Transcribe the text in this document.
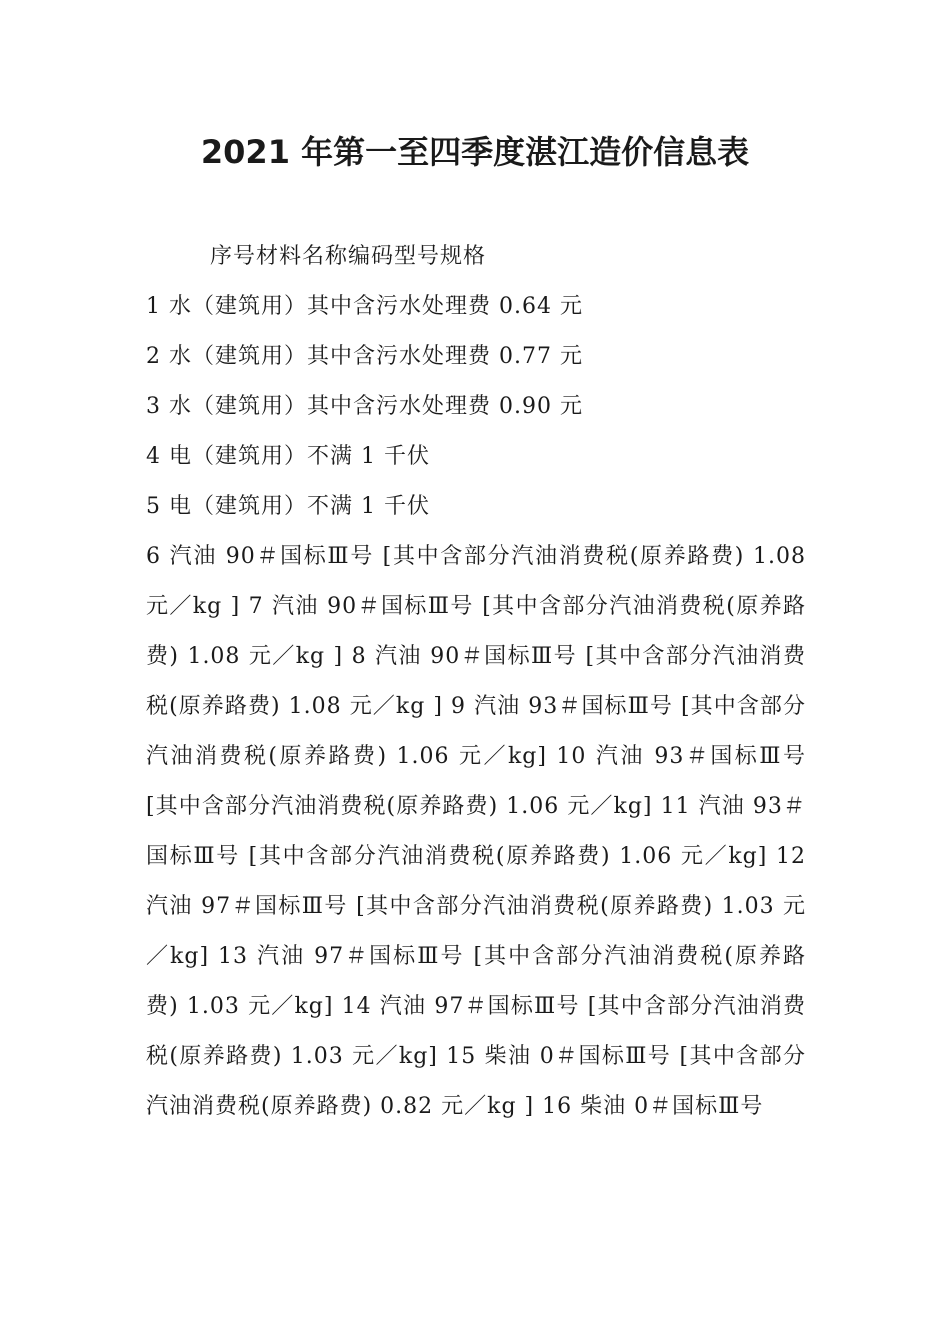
2021 年第一至四季度湛江造价信息表

序号材料名称编码型号规格

1 水（建筑用）其中含污水处理费 0.64 元

2 水（建筑用）其中含污水处理费 0.77 元

3 水（建筑用）其中含污水处理费 0.90 元

4 电（建筑用）不满 1 千伏

5 电（建筑用）不满 1 千伏

6 汽油 90＃国标Ⅲ号 [其中含部分汽油消费税(原养路费) 1.08 元／kg ] 7 汽油 90＃国标Ⅲ号 [其中含部分汽油消费税(原养路费) 1.08 元／kg ] 8 汽油 90＃国标Ⅲ号 [其中含部分汽油消费税(原养路费) 1.08 元／kg ] 9 汽油 93＃国标Ⅲ号 [其中含部分汽油消费税(原养路费) 1.06 元／kg] 10 汽油 93＃国标Ⅲ号 [其中含部分汽油消费税(原养路费) 1.06 元／kg] 11 汽油 93＃国标Ⅲ号 [其中含部分汽油消费税(原养路费) 1.06 元／kg] 12 汽油 97＃国标Ⅲ号 [其中含部分汽油消费税(原养路费) 1.03 元／kg] 13 汽油 97＃国标Ⅲ号 [其中含部分汽油消费税(原养路费) 1.03 元／kg] 14 汽油 97＃国标Ⅲ号 [其中含部分汽油消费税(原养路费) 1.03 元／kg] 15 柴油 0＃国标Ⅲ号 [其中含部分汽油消费税(原养路费) 0.82 元／kg ] 16 柴油 0＃国标Ⅲ号
